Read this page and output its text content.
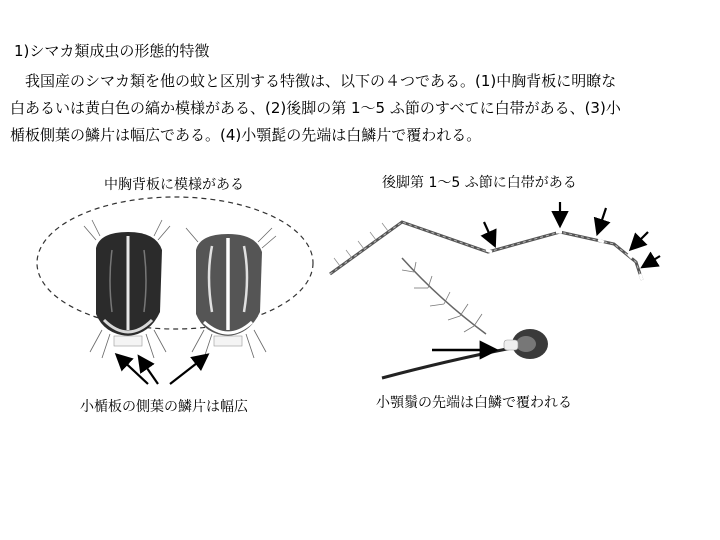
1)シマカ類成虫の形態的特徴

　我国産のシマカ類を他の蚊と区別する特徴は、以下の４つである。(1)中胸背板に明瞭な

白あるいは黄白色の縞か模様がある、(2)後脚の第 1～5 ふ節のすべてに白帯がある、(3)小

楯板側葉の鱗片は幅広である。(4)小顎髭の先端は白鱗片で覆われる。

中胸背板に模様がある	後脚第 1～5 ふ節に白帯がある
小楯板の側葉の鱗片は幅広	小顎鬚の先端は白鱗で覆われる
